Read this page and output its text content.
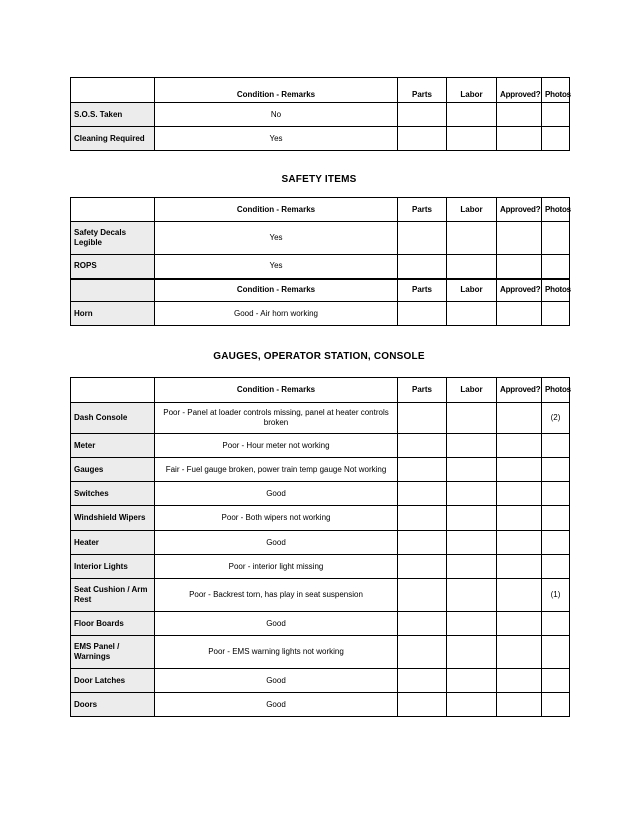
	Condition - Remarks	Parts	Labor	Approved?	Photos
S.O.S. Taken	No				
Cleaning Required	Yes				
SAFETY ITEMS
	Condition - Remarks	Parts	Labor	Approved?	Photos
Safety Decals Legible	Yes				
ROPS	Yes				
	Condition - Remarks	Parts	Labor	Approved?	Photos
Horn	Good - Air horn working				
GAUGES, OPERATOR STATION, CONSOLE
	Condition - Remarks	Parts	Labor	Approved?	Photos
Dash Console	Poor - Panel at loader controls missing, panel at heater controls broken				(2)
Meter	Poor - Hour meter not working				
Gauges	Fair - Fuel gauge broken, power train temp gauge Not working				
Switches	Good				
Windshield Wipers	Poor - Both wipers not working				
Heater	Good				
Interior Lights	Poor - interior light missing				
Seat Cushion / Arm Rest	Poor - Backrest torn, has play in seat suspension				(1)
Floor Boards	Good				
EMS Panel / Warnings	Poor - EMS warning lights not working				
Door Latches	Good				
Doors	Good				
